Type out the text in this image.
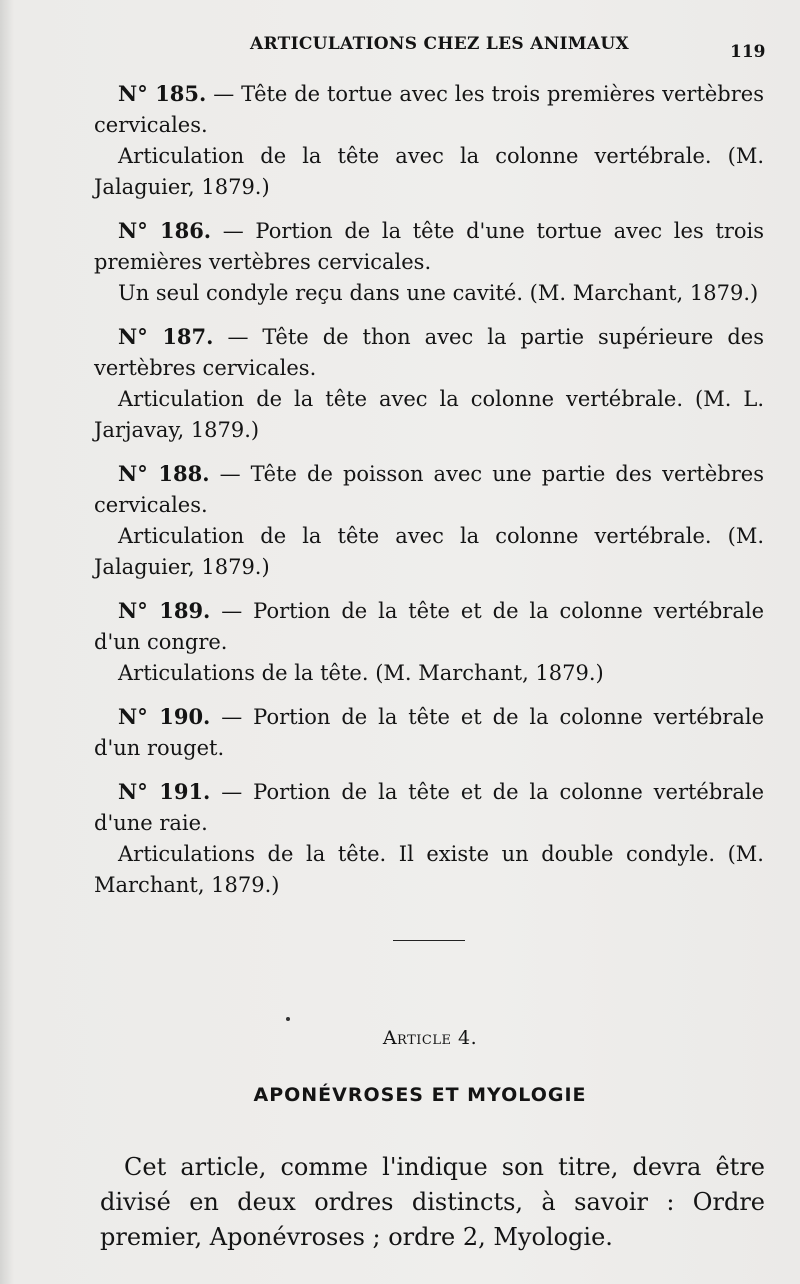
ARTICULATIONS CHEZ LES ANIMAUX	119

N° 185. — Tête de tortue avec les trois premières vertèbres cervicales.

Articulation de la tête avec la colonne vertébrale. (M. Jalaguier, 1879.)

N° 186. — Portion de la tête d'une tortue avec les trois premières vertèbres cervicales.

Un seul condyle reçu dans une cavité. (M. Marchant, 1879.)

N° 187. — Tête de thon avec la partie supérieure des vertèbres cervicales.

Articulation de la tête avec la colonne vertébrale. (M. L. Jarjavay, 1879.)

N° 188. — Tête de poisson avec une partie des vertèbres cervicales.

Articulation de la tête avec la colonne vertébrale. (M. Jalaguier, 1879.)

N° 189. — Portion de la tête et de la colonne vertébrale d'un congre.

Articulations de la tête. (M. Marchant, 1879.)

N° 190. — Portion de la tête et de la colonne vertébrale d'un rouget.

N° 191. — Portion de la tête et de la colonne vertébrale d'une raie.

Articulations de la tête. Il existe un double condyle. (M. Marchant, 1879.)

Article 4.
APONÉVROSES ET MYOLOGIE

Cet article, comme l'indique son titre, devra être divisé en deux ordres distincts, à savoir : Ordre premier, Aponévroses ; ordre 2, Myologie.
